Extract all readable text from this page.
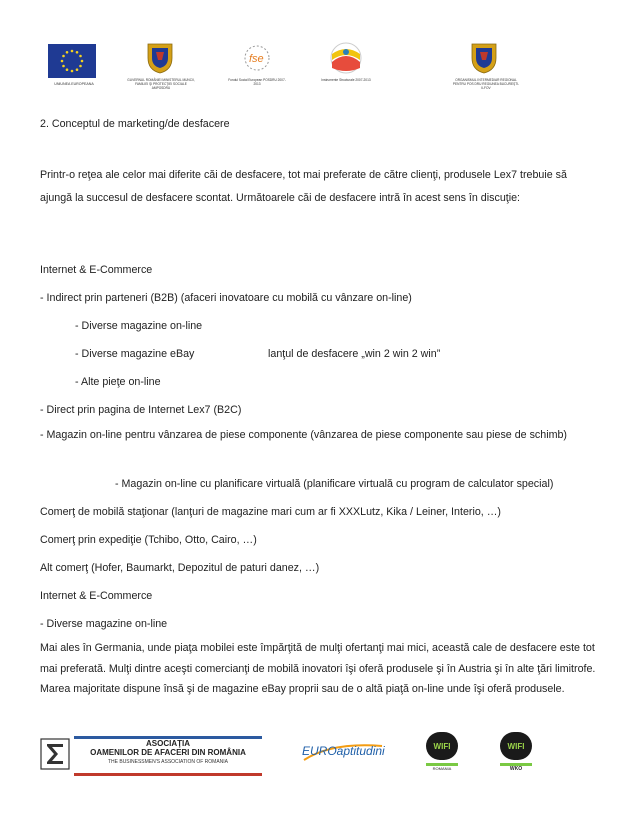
UNIUNEA EUROPEANA
GUVERNUL ROMÂNIEI MINISTERUL MUNCII, FAMILIEI ŞI PROTECŢIEI SOCIALE AMPOSDRU
fse
Fondul Social European POSDRU 2007-2013
Instrumente Structurale 2007-2013	ORGANISMUL INTERMEDIAR REGIONAL PENTRU POS DRU REGIUNEA BUCUREŞTI-ILFOV
2. Conceptul de marketing/de desfacere
Printr-o reţea ale celor mai diferite căi de desfacere, tot mai preferate de către clienţi, produsele Lex7 trebuie să ajungă la succesul de desfacere scontat. Următoarele căi de desfacere intră în acest sens în discuţie:
Internet & E-Commerce
- Indirect prin parteneri (B2B) (afaceri inovatoare cu mobilă cu vânzare on-line)
- Diverse magazine on-line
- Diverse magazine eBay	lanţul de desfacere „win 2 win 2 win”
- Alte pieţe on-line
- Direct prin pagina de Internet Lex7 (B2C)
- Magazin on-line pentru vânzarea de piese componente (vânzarea de piese componente sau piese de schimb)
- Magazin on-line cu planificare virtuală (planificare virtuală cu program de calculator special)
Comerţ de mobilă staţionar (lanţuri de magazine mari cum ar fi XXXLutz, Kika / Leiner, Interio, …)
Comerţ prin expediţie (Tchibo, Otto, Cairo, …)
Alt comerţ (Hofer, Baumarkt, Depozitul de paturi danez, …)
Internet & E-Commerce
- Diverse magazine on-line
Mai ales în Germania, unde piaţa mobilei este împărţită de mulţi ofertanţi mai mici, această cale de desfacere este tot mai preferată. Mulţi dintre aceşti comercianţi de mobilă inovatori îşi oferă produsele şi în Austria şi în alte ţări limitrofe. Marea majoritate dispune însă şi de magazine eBay proprii sau de o altă piaţă on-line unde îşi oferă produsele.
ASOCIAŢIA
OAMENILOR DE AFACERI DIN ROMÂNIA
THE BUSINESSMEN'S ASSOCIATION OF ROMANIA
EUROaptitudini	WIFI
ROMANIA
WIFI
WKO
